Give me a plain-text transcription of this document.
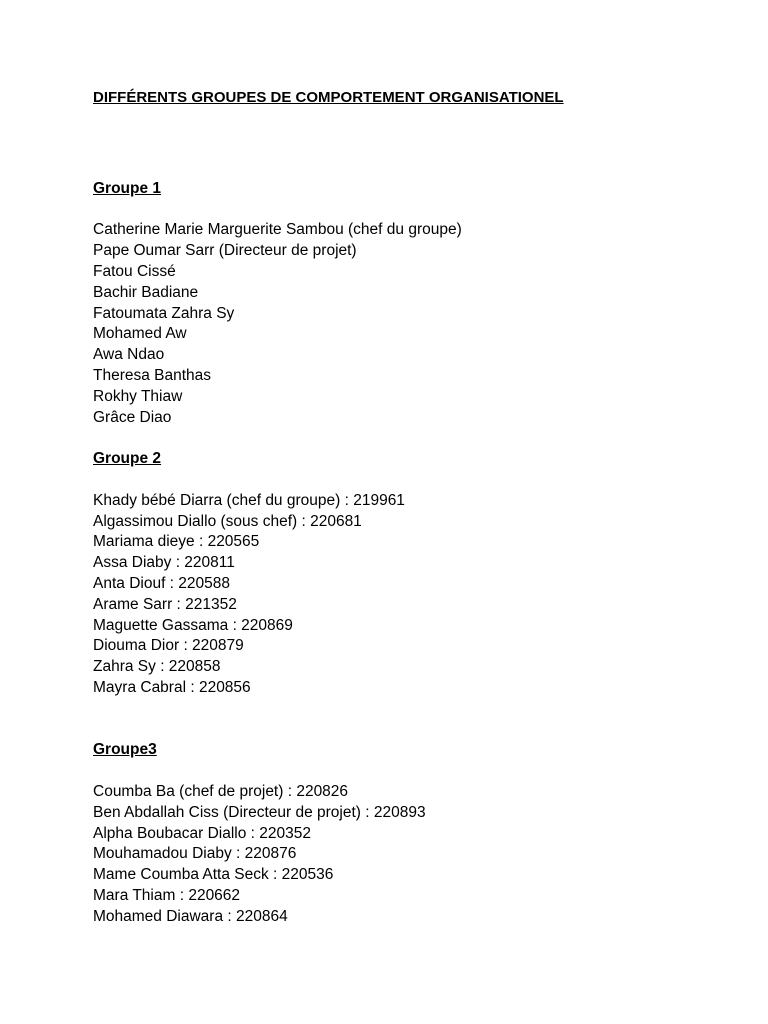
DIFFÉRENTS GROUPES DE COMPORTEMENT ORGANISATIONEL
Groupe 1
Catherine Marie Marguerite Sambou (chef du groupe)
Pape Oumar Sarr (Directeur de projet)
Fatou Cissé
Bachir Badiane
Fatoumata Zahra Sy
Mohamed Aw
Awa Ndao
Theresa Banthas
Rokhy Thiaw
Grâce Diao
Groupe 2
Khady bébé Diarra (chef du groupe) : 219961
Algassimou Diallo (sous chef) : 220681
Mariama dieye : 220565
Assa Diaby : 220811
Anta Diouf : 220588
Arame Sarr : 221352
Maguette Gassama : 220869
Diouma Dior : 220879
Zahra Sy : 220858
Mayra Cabral : 220856
Groupe3
Coumba Ba (chef de projet) : 220826
Ben Abdallah Ciss (Directeur de projet) : 220893
Alpha Boubacar Diallo : 220352
Mouhamadou Diaby : 220876
Mame Coumba Atta Seck : 220536
Mara Thiam : 220662
Mohamed Diawara : 220864
